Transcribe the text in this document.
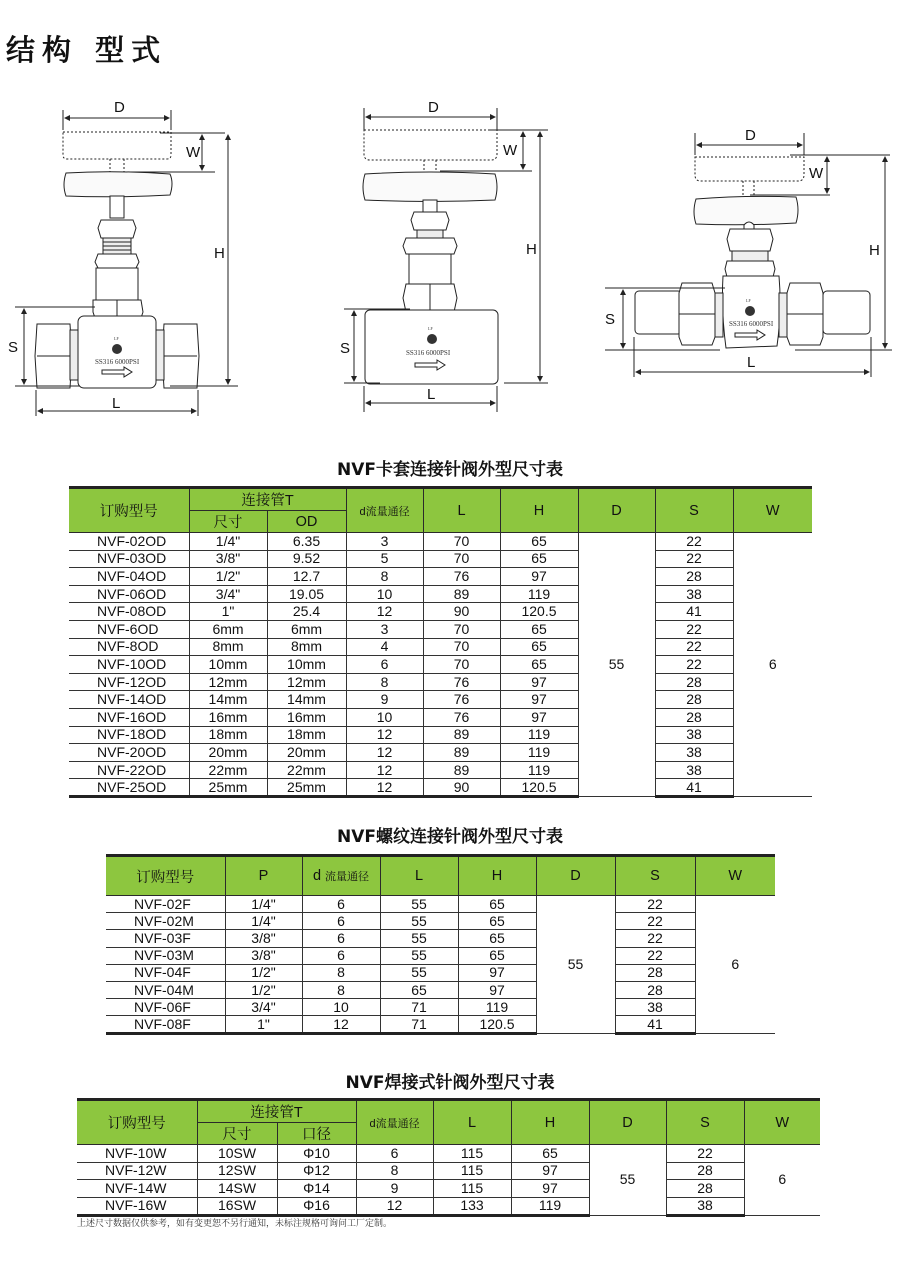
结构 型式
D
W
LF
SS316 6000PSI
S
H
L
D
W
LF
SS316 6000PSI
S
H
L
D
W
LF
SS316 6000PSI
S
H
L
NVF卡套连接针阀外型尺寸表
订购型号	连接管T		d流量通径	L	H	D	S	W
	尺寸	OD						
NVF-02OD	1/4"	6.35	3	70	65	55	22	6
NVF-03OD	3/8"	9.52	5	70	65		22	
NVF-04OD	1/2"	12.7	8	76	97		28	
NVF-06OD	3/4"	19.05	10	89	119		38	
NVF-08OD	1"	25.4	12	90	120.5		41	
NVF-6OD	6mm	6mm	3	70	65		22	
NVF-8OD	8mm	8mm	4	70	65		22	
NVF-10OD	10mm	10mm	6	70	65		22	
NVF-12OD	12mm	12mm	8	76	97		28	
NVF-14OD	14mm	14mm	9	76	97		28	
NVF-16OD	16mm	16mm	10	76	97		28	
NVF-18OD	18mm	18mm	12	89	119		38	
NVF-20OD	20mm	20mm	12	89	119		38	
NVF-22OD	22mm	22mm	12	89	119		38	
NVF-25OD	25mm	25mm	12	90	120.5		41	
NVF螺纹连接针阀外型尺寸表
订购型号	P	d 流量通径	L	H	D	S	W
NVF-02F	1/4"	6	55	65	55	22	6
NVF-02M	1/4"	6	55	65		22	
NVF-03F	3/8"	6	55	65		22	
NVF-03M	3/8"	6	55	65		22	
NVF-04F	1/2"	8	55	97		28	
NVF-04M	1/2"	8	65	97		28	
NVF-06F	3/4"	10	71	119		38	
NVF-08F	1"	12	71	120.5		41	
NVF焊接式针阀外型尺寸表
订购型号	连接管T		d流量通径	L	H	D	S	W
	尺寸	口径						
NVF-10W	10SW	Φ10	6	115	65	55	22	6
NVF-12W	12SW	Φ12	8	115	97		28	
NVF-14W	14SW	Φ14	9	115	97		28	
NVF-16W	16SW	Φ16	12	133	119		38	

上述尺寸数据仅供参考，如有变更恕不另行通知，未标注规格可询问工厂定制。
